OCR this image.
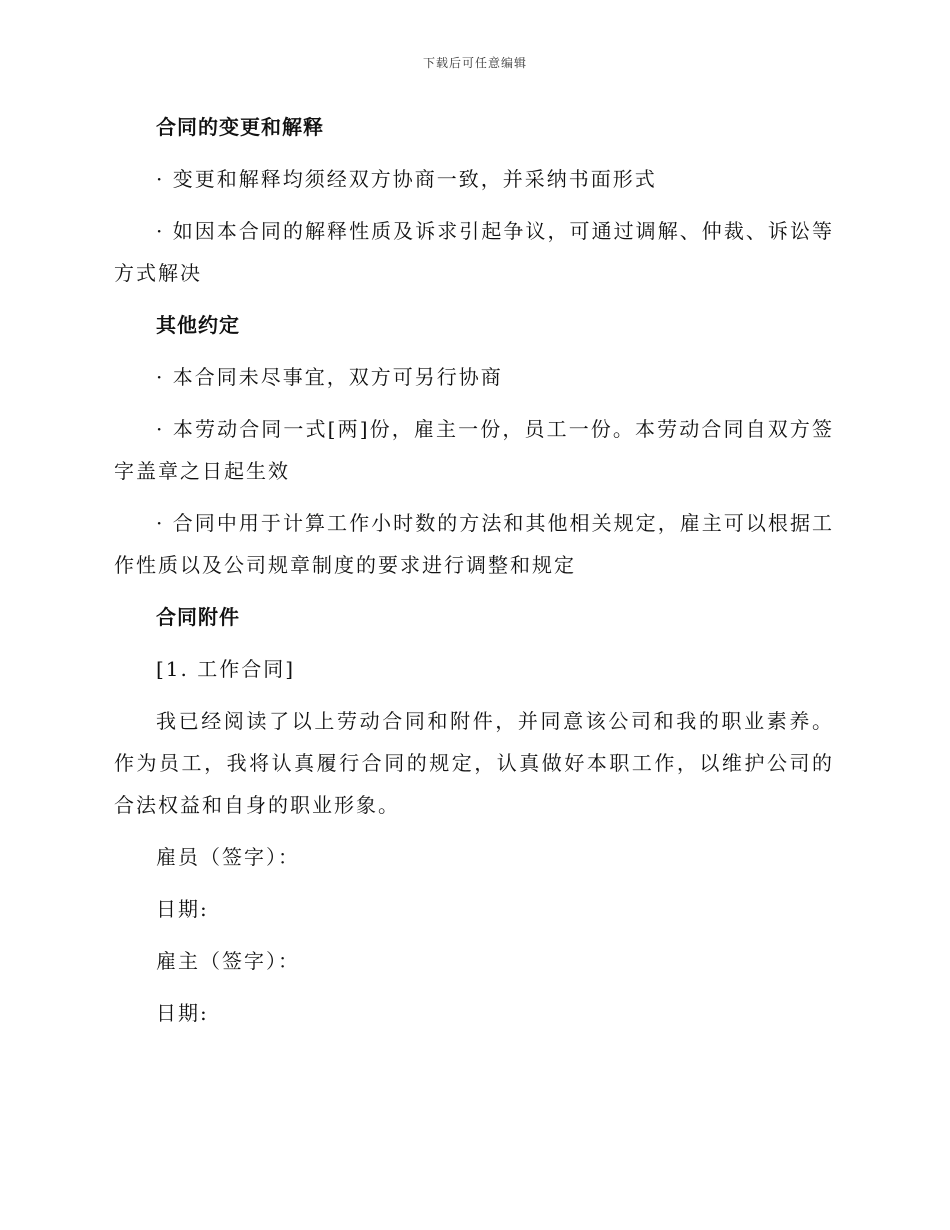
下载后可任意编辑
合同的变更和解释

· 变更和解释均须经双方协商一致，并采纳书面形式

· 如因本合同的解释性质及诉求引起争议，可通过调解、仲裁、诉讼等方式解决

其他约定

· 本合同未尽事宜，双方可另行协商

· 本劳动合同一式[两]份，雇主一份，员工一份。本劳动合同自双方签字盖章之日起生效

· 合同中用于计算工作小时数的方法和其他相关规定，雇主可以根据工作性质以及公司规章制度的要求进行调整和规定

合同附件

[1. 工作合同]

我已经阅读了以上劳动合同和附件，并同意该公司和我的职业素养。作为员工，我将认真履行合同的规定，认真做好本职工作，以维护公司的合法权益和自身的职业形象。

雇员（签字）：
日期:
雇主（签字）：
日期:
